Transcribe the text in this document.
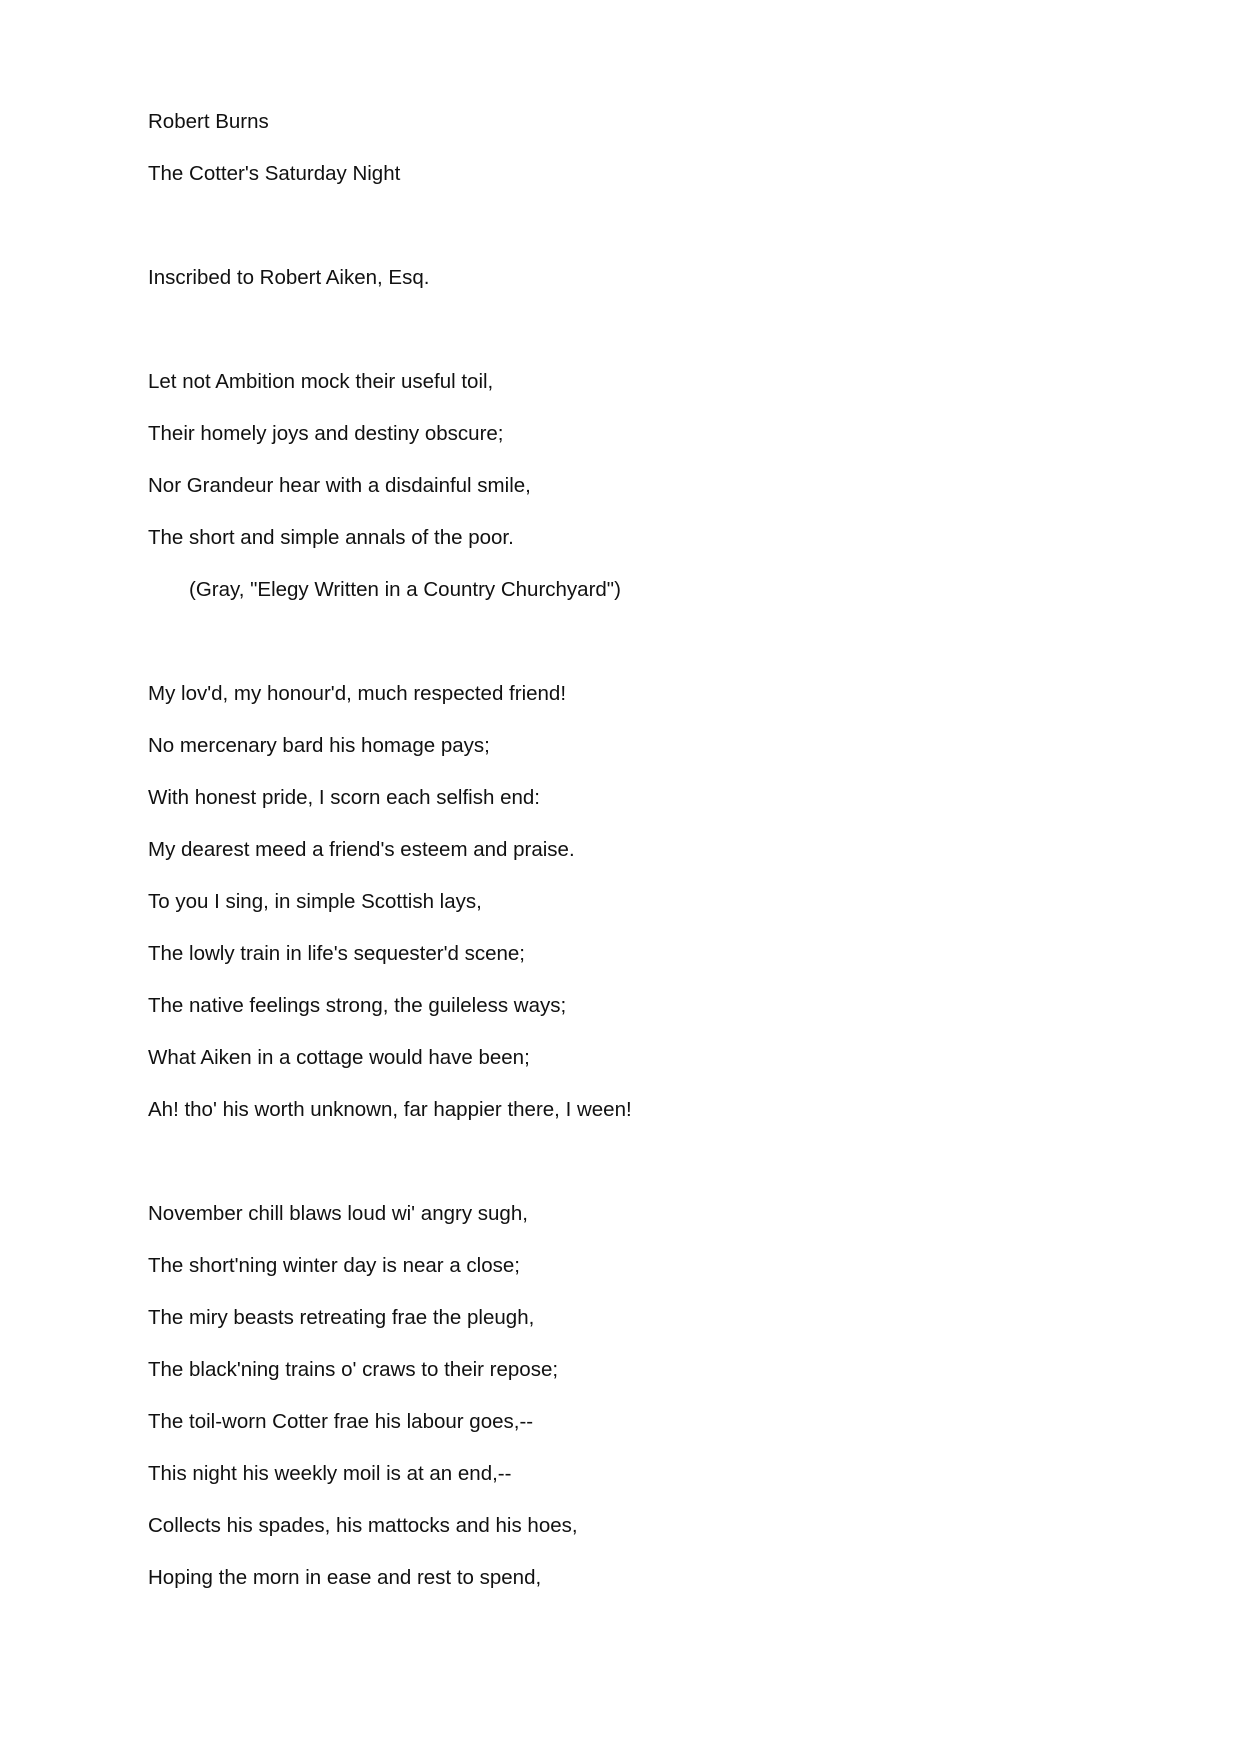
Robert Burns
The Cotter's Saturday Night
Inscribed to Robert Aiken, Esq.
Let not Ambition mock their useful toil,
Their homely joys and destiny obscure;
Nor Grandeur hear with a disdainful smile,
The short and simple annals of the poor.
(Gray, "Elegy Written in a Country Churchyard")
My lov'd, my honour'd, much respected friend!
No mercenary bard his homage pays;
With honest pride, I scorn each selfish end:
My dearest meed a friend's esteem and praise.
To you I sing, in simple Scottish lays,
The lowly train in life's sequester'd scene;
The native feelings strong, the guileless ways;
What Aiken in a cottage would have been;
Ah! tho' his worth unknown, far happier there, I ween!
November chill blaws loud wi' angry sugh,
The short'ning winter day is near a close;
The miry beasts retreating frae the pleugh,
The black'ning trains o' craws to their repose;
The toil-worn Cotter frae his labour goes,--
This night his weekly moil is at an end,--
Collects his spades, his mattocks and his hoes,
Hoping the morn in ease and rest to spend,
